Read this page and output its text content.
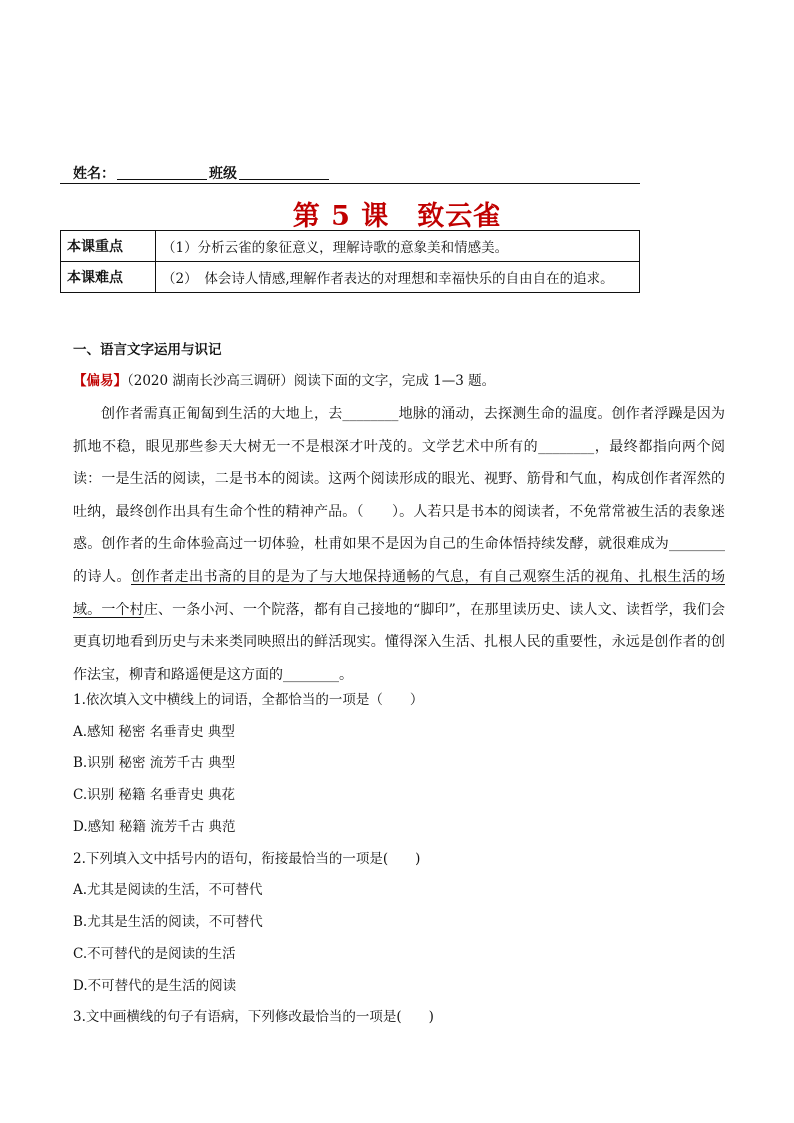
姓名：	班级
第 5 课　致云雀
本课重点	（1）分析云雀的象征意义，理解诗歌的意象美和情感美。
本课难点	（2）　体会诗人情感,理解作者表达的对理想和幸福快乐的自由自在的追求。
一、语言文字运用与识记
【偏易】（2020 湖南长沙高三调研）阅读下面的文字，完成 1—3 题。

创作者需真正匍匐到生活的大地上，去________地脉的涌动，去探测生命的温度。创作者浮躁是因为抓地不稳，眼见那些参天大树无一不是根深才叶茂的。文学艺术中所有的________，最终都指向两个阅读：一是生活的阅读，二是书本的阅读。这两个阅读形成的眼光、视野、筋骨和气血，构成创作者浑然的吐纳，最终创作出具有生命个性的精神产品。（　　）。人若只是书本的阅读者，不免常常被生活的表象迷惑。创作者的生命体验高过一切体验，杜甫如果不是因为自己的生命体悟持续发酵，就很难成为________的诗人。创作者走出书斋的目的是为了与大地保持通畅的气息，有自己观察生活的视角、扎根生活的场域。一个村庄、一条小河、一个院落，都有自己接地的“脚印”，在那里读历史、读人文、读哲学，我们会更真切地看到历史与未来类同映照出的鲜活现实。懂得深入生活、扎根人民的重要性，永远是创作者的创作法宝，柳青和路遥便是这方面的________。

1.依次填入文中横线上的词语，全都恰当的一项是（　　）
A.感知 秘密 名垂青史 典型
B.识别 秘密 流芳千古 典型
C.识别 秘籍 名垂青史 典花
D.感知 秘籍 流芳千古 典范
2.下列填入文中括号内的语句，衔接最恰当的一项是(　　)
A.尤其是阅读的生活，不可替代
B.尤其是生活的阅读，不可替代
C.不可替代的是阅读的生活
D.不可替代的是生活的阅读
3.文中画横线的句子有语病，下列修改最恰当的一项是(　　)
